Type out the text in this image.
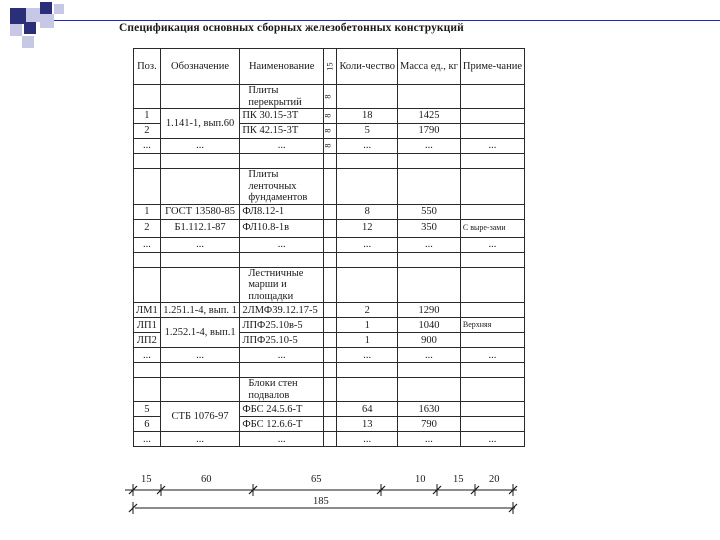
Спецификация основных сборных железобетонных конструкций
Поз.	Обозначение	Наименование	15	Коли-чество	Масса ед., кг	Приме-чание
		Плиты перекрытий	8			
1	1.141-1, вып.60	ПК 30.15-3Т	8	18	1425	
2		ПК 42.15-3Т	8	5	1790	
...	...	...	8	...	...	...

		Плиты ленточных фундаментов				
1	ГОСТ 13580-85	ФЛ8.12-1		8	550	
2	Б1.112.1-87	ФЛ10.8-1в		12	350	С выре-зами
...	...	...		...	...	...

		Лестничные марши и площадки				
ЛМ1	1.251.1-4, вып. 1	2ЛМФ39.12.17-5		2	1290	
ЛП1	1.252.1-4, вып.1	ЛПФ25.10в-5		1	1040	Верхняя
ЛП2		ЛПФ25.10-5		1	900	
...	...	...		...	...	...

		Блоки стен подвалов				
5	СТБ 1076-97	ФБС 24.5.6-Т		64	1630	
6		ФБС 12.6.6-Т		13	790	
...	...	...		...	...	...
15	60	65	10	15 20
185
